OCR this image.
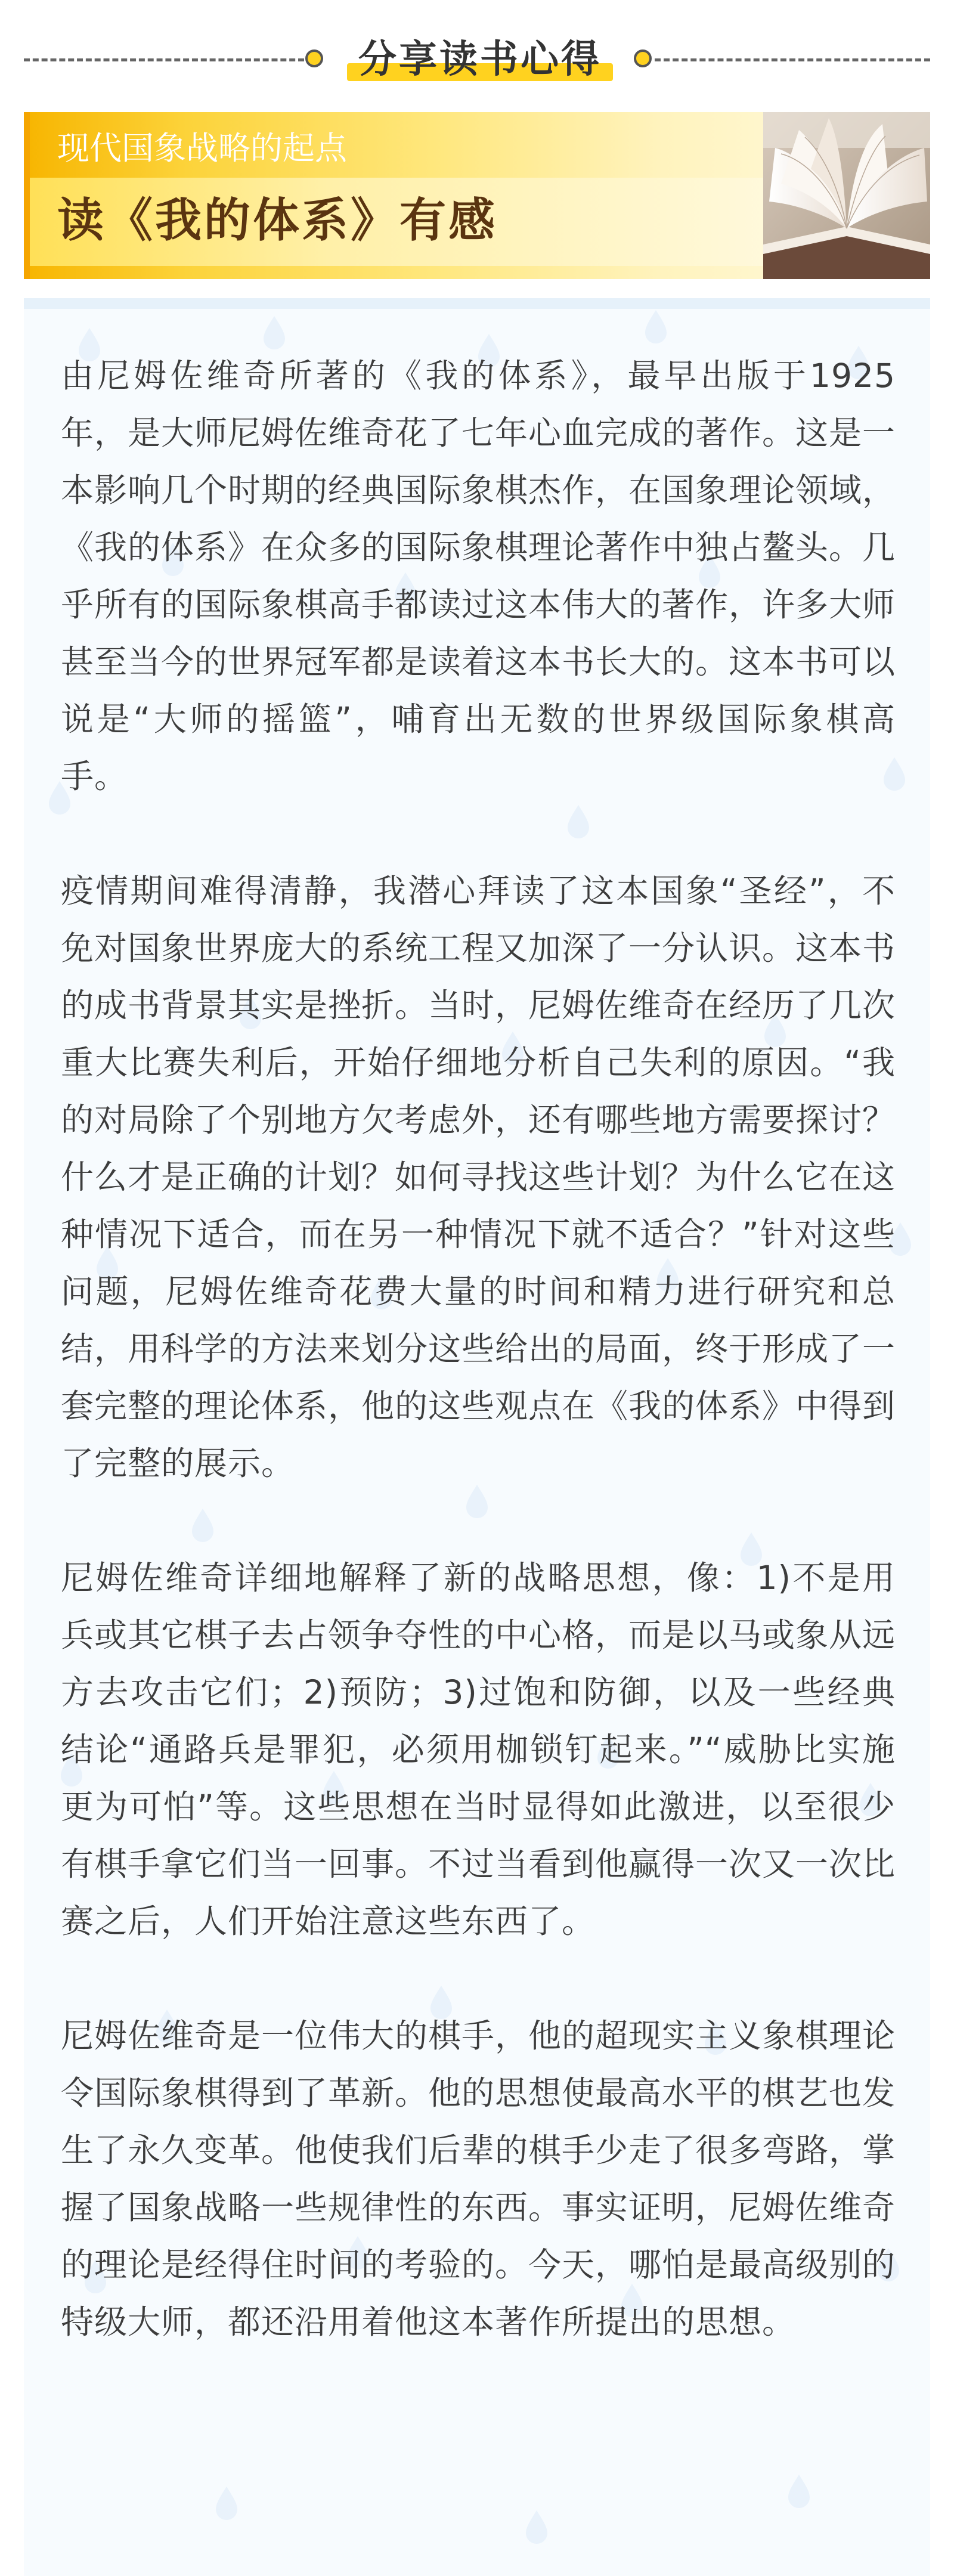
分享读书心得
现代国象战略的起点
读《我的体系》有感

由尼姆佐维奇所著的《我的体系》，最早出版于1925年，是大师尼姆佐维奇花了七年心血完成的著作。这是一本影响几个时期的经典国际象棋杰作，在国象理论领域，《我的体系》在众多的国际象棋理论著作中独占鳌头。几乎所有的国际象棋高手都读过这本伟大的著作，许多大师甚至当今的世界冠军都是读着这本书长大的。这本书可以说是“大师的摇篮”，哺育出无数的世界级国际象棋高手。

疫情期间难得清静，我潜心拜读了这本国象“圣经”，不免对国象世界庞大的系统工程又加深了一分认识。这本书的成书背景其实是挫折。当时，尼姆佐维奇在经历了几次重大比赛失利后，开始仔细地分析自己失利的原因。“我的对局除了个别地方欠考虑外，还有哪些地方需要探讨？什么才是正确的计划？如何寻找这些计划？为什么它在这种情况下适合，而在另一种情况下就不适合？”针对这些问题，尼姆佐维奇花费大量的时间和精力进行研究和总结，用科学的方法来划分这些给出的局面，终于形成了一套完整的理论体系，他的这些观点在《我的体系》中得到了完整的展示。

尼姆佐维奇详细地解释了新的战略思想，像：1)不是用兵或其它棋子去占领争夺性的中心格，而是以马或象从远方去攻击它们；2)预防；3)过饱和防御，以及一些经典结论“通路兵是罪犯，必须用枷锁钉起来。”“威胁比实施更为可怕”等。这些思想在当时显得如此激进，以至很少有棋手拿它们当一回事。不过当看到他赢得一次又一次比赛之后，人们开始注意这些东西了。

尼姆佐维奇是一位伟大的棋手，他的超现实主义象棋理论令国际象棋得到了革新。他的思想使最高水平的棋艺也发生了永久变革。他使我们后辈的棋手少走了很多弯路，掌握了国象战略一些规律性的东西。事实证明，尼姆佐维奇的理论是经得住时间的考验的。今天，哪怕是最高级别的特级大师，都还沿用着他这本著作所提出的思想。
